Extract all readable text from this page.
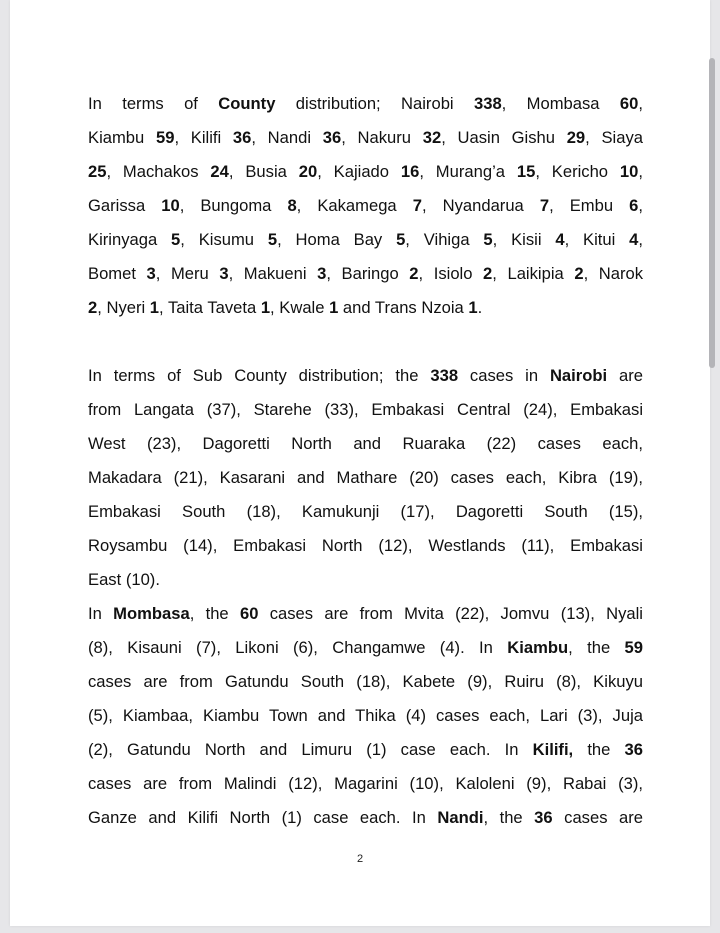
In terms of County distribution; Nairobi 338, Mombasa 60,
Kiambu 59, Kilifi 36, Nandi 36, Nakuru 32, Uasin Gishu 29, Siaya
25, Machakos 24, Busia 20, Kajiado 16, Murang’a 15, Kericho 10,
Garissa 10, Bungoma 8, Kakamega 7, Nyandarua 7, Embu 6,
Kirinyaga 5, Kisumu 5, Homa Bay 5, Vihiga 5, Kisii 4, Kitui 4,
Bomet 3, Meru 3, Makueni 3, Baringo 2, Isiolo 2, Laikipia 2, Narok
2, Nyeri 1, Taita Taveta 1, Kwale 1 and Trans Nzoia 1.
In terms of Sub County distribution; the 338 cases in Nairobi are
from Langata (37), Starehe (33), Embakasi Central (24), Embakasi
West (23), Dagoretti North and Ruaraka (22) cases each,
Makadara (21), Kasarani and Mathare (20) cases each, Kibra (19),
Embakasi South (18), Kamukunji (17), Dagoretti South (15),
Roysambu (14), Embakasi North (12), Westlands (11), Embakasi
East (10).
In Mombasa, the 60 cases are from Mvita (22), Jomvu (13), Nyali
(8), Kisauni (7), Likoni (6), Changamwe (4). In Kiambu, the 59
cases are from Gatundu South (18), Kabete (9), Ruiru (8), Kikuyu
(5), Kiambaa, Kiambu Town and Thika (4) cases each, Lari (3), Juja
(2), Gatundu North and Limuru (1) case each. In Kilifi, the 36
cases are from Malindi (12), Magarini (10), Kaloleni (9), Rabai (3),
Ganze and Kilifi North (1) case each. In Nandi, the 36 cases are
2
